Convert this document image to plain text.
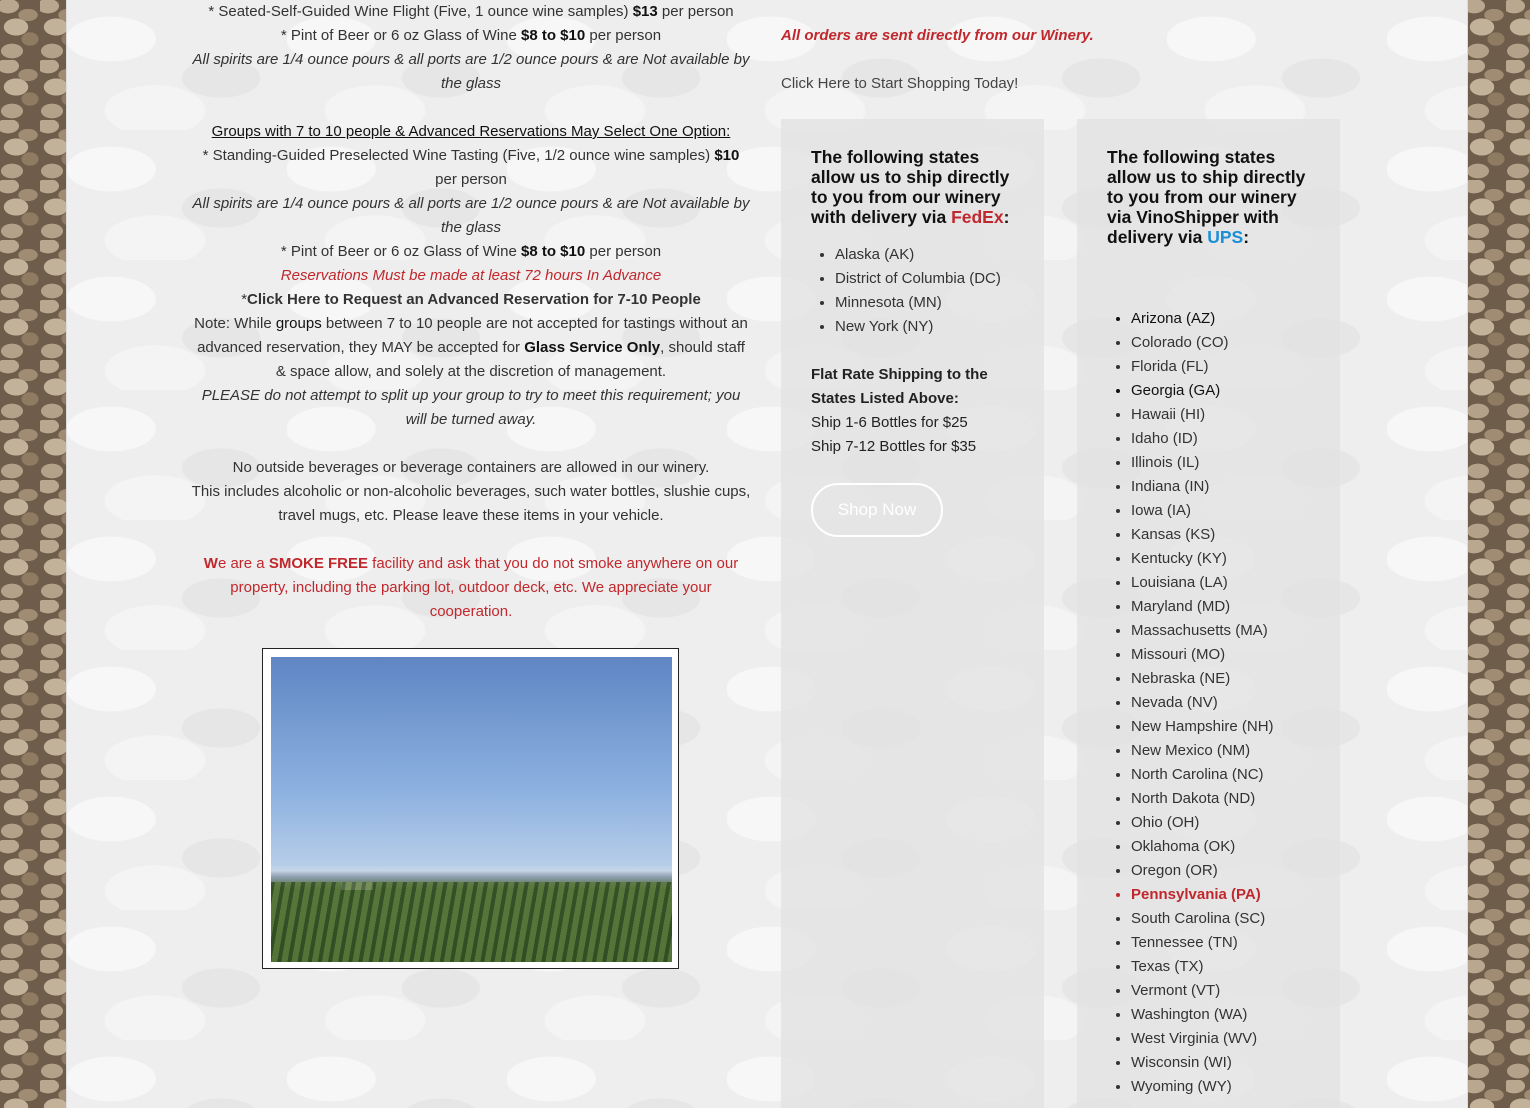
* Seated-Self-Guided Wine Flight (Five, 1 ounce wine samples) $13 per person

* Pint of Beer or 6 oz Glass of Wine $8 to $10 per person

All spirits are 1/4 ounce pours & all ports are 1/2 ounce pours & are Not available by the glass

Groups with 7 to 10 people & Advanced Reservations May Select One Option:

* Standing-Guided Preselected Wine Tasting (Five, 1/2 ounce wine samples) $10
per person

All spirits are 1/4 ounce pours & all ports are 1/2 ounce pours & are Not available by the glass

* Pint of Beer or 6 oz Glass of Wine $8 to $10 per person

Reservations Must be made at least 72 hours In Advance

*Click Here to Request an Advanced Reservation for 7-10 People

Note: While groups between 7 to 10 people are not accepted for tastings without an advanced reservation, they MAY be accepted for Glass Service Only, should staff & space allow, and solely at the discretion of management.

PLEASE do not attempt to split up your group to try to meet this requirement; you will be turned away.

No outside beverages or beverage containers are allowed in our winery.

This includes alcoholic or non-alcoholic beverages, such water bottles, slushie cups, travel mugs, etc. Please leave these items in your vehicle.

We are a SMOKE FREE facility and ask that you do not smoke anywhere on our property, including the parking lot, outdoor deck, etc. We appreciate your cooperation.

All orders are sent directly from our Winery.
Click Here to Start Shopping Today!
The following states allow us to ship directly to you from our winery with delivery via FedEx:
• Alaska (AK)
• District of Columbia (DC)
• Minnesota (MN)
• New York (NY)
Flat Rate Shipping to the States Listed Above:
Ship 1-6 Bottles for $25
Ship 7-12 Bottles for $35
Shop Now
The following states allow us to ship directly to you from our winery via VinoShipper with delivery via UPS:
• Arizona (AZ)
• Colorado (CO)
• Florida (FL)
• Georgia (GA)
• Hawaii (HI)
• Idaho (ID)
• Illinois (IL)
• Indiana (IN)
• Iowa (IA)
• Kansas (KS)
• Kentucky (KY)
• Louisiana (LA)
• Maryland (MD)
• Massachusetts (MA)
• Missouri (MO)
• Nebraska (NE)
• Nevada (NV)
• New Hampshire (NH)
• New Mexico (NM)
• North Carolina (NC)
• North Dakota (ND)
• Ohio (OH)
• Oklahoma (OK)
• Oregon (OR)
• Pennsylvania (PA)
• South Carolina (SC)
• Tennessee (TN)
• Texas (TX)
• Vermont (VT)
• Washington (WA)
• West Virginia (WV)
• Wisconsin (WI)
• Wyoming (WY)
